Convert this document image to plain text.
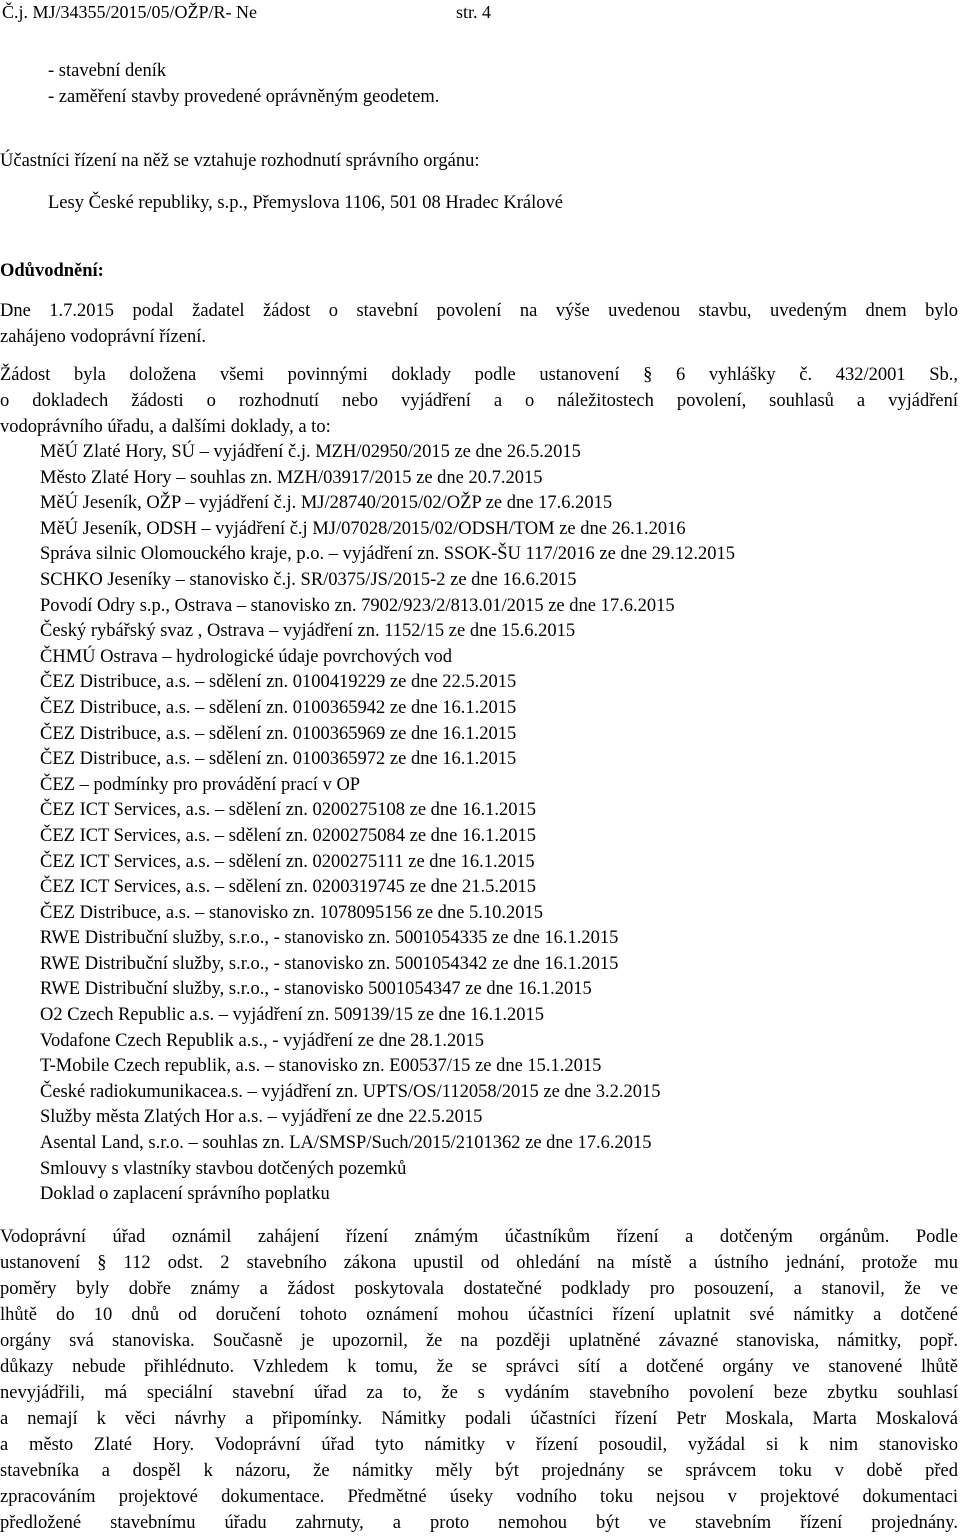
Č.j. MJ/34355/2015/05/OŽP/R- Ne	str. 4
- stavební deník
- zaměření stavby provedené oprávněným geodetem.
Účastníci řízení na něž se vztahuje rozhodnutí správního orgánu:
Lesy České republiky, s.p., Přemyslova 1106, 501 08 Hradec Králové
Odůvodnění:
Dne 1.7.2015 podal žadatel žádost o stavební povolení na výše uvedenou stavbu, uvedeným dnem bylo
zahájeno vodoprávní řízení.
Žádost byla doložena všemi povinnými doklady podle ustanovení § 6 vyhlášky č. 432/2001 Sb.,
o dokladech žádosti o rozhodnutí nebo vyjádření a o náležitostech povolení, souhlasů a vyjádření
vodoprávního úřadu, a dalšími doklady, a to:
MěÚ Zlaté Hory, SÚ – vyjádření č.j. MZH/02950/2015 ze dne 26.5.2015
Město Zlaté Hory – souhlas zn. MZH/03917/2015 ze dne 20.7.2015
MěÚ Jeseník, OŽP – vyjádření č.j. MJ/28740/2015/02/OŽP ze dne 17.6.2015
MěÚ Jeseník, ODSH – vyjádření č.j MJ/07028/2015/02/ODSH/TOM ze dne 26.1.2016
Správa silnic Olomouckého kraje, p.o. – vyjádření zn. SSOK-ŠU 117/2016 ze dne 29.12.2015
SCHKO Jeseníky – stanovisko č.j. SR/0375/JS/2015-2 ze dne 16.6.2015
Povodí Odry s.p., Ostrava – stanovisko zn. 7902/923/2/813.01/2015 ze dne 17.6.2015
Český rybářský svaz , Ostrava – vyjádření zn. 1152/15 ze dne 15.6.2015
ČHMÚ Ostrava – hydrologické údaje povrchových vod
ČEZ Distribuce, a.s. – sdělení zn. 0100419229 ze dne 22.5.2015
ČEZ Distribuce, a.s. – sdělení zn. 0100365942 ze dne 16.1.2015
ČEZ Distribuce, a.s. – sdělení zn. 0100365969 ze dne 16.1.2015
ČEZ Distribuce, a.s. – sdělení zn. 0100365972 ze dne 16.1.2015
ČEZ – podmínky pro provádění prací v OP
ČEZ ICT Services, a.s. – sdělení zn. 0200275108 ze dne 16.1.2015
ČEZ ICT Services, a.s. – sdělení zn. 0200275084 ze dne 16.1.2015
ČEZ ICT Services, a.s. – sdělení zn. 0200275111 ze dne 16.1.2015
ČEZ ICT Services, a.s. – sdělení zn. 0200319745 ze dne 21.5.2015
ČEZ Distribuce, a.s. – stanovisko zn. 1078095156 ze dne 5.10.2015
RWE Distribuční služby, s.r.o., - stanovisko zn. 5001054335 ze dne 16.1.2015
RWE Distribuční služby, s.r.o., - stanovisko zn. 5001054342 ze dne 16.1.2015
RWE Distribuční služby, s.r.o., - stanovisko 5001054347 ze dne 16.1.2015
O2 Czech Republic a.s. – vyjádření zn. 509139/15 ze dne 16.1.2015
Vodafone Czech Republik a.s., - vyjádření ze dne 28.1.2015
T-Mobile Czech republik, a.s. – stanovisko zn. E00537/15 ze dne 15.1.2015
České radiokumunikacea.s. – vyjádření zn. UPTS/OS/112058/2015 ze dne 3.2.2015
Služby města Zlatých Hor a.s. – vyjádření ze dne 22.5.2015
Asental Land, s.r.o. – souhlas zn. LA/SMSP/Such/2015/2101362 ze dne 17.6.2015
Smlouvy s vlastníky stavbou dotčených pozemků
Doklad o zaplacení správního poplatku
Vodoprávní úřad oznámil zahájení řízení známým účastníkům řízení a dotčeným orgánům. Podle
ustanovení § 112 odst. 2 stavebního zákona upustil od ohledání na místě a ústního jednání, protože mu
poměry byly dobře známy a žádost poskytovala dostatečné podklady pro posouzení, a stanovil, že ve
lhůtě do 10 dnů od doručení tohoto oznámení mohou účastníci řízení uplatnit své námitky a dotčené
orgány svá stanoviska. Současně je upozornil, že na později uplatněné závazné stanoviska, námitky, popř.
důkazy nebude přihlédnuto. Vzhledem k tomu, že se správci sítí a dotčené orgány ve stanovené lhůtě
nevyjádřili, má speciální stavební úřad za to, že s vydáním stavebního povolení beze zbytku souhlasí
a nemají k věci návrhy a připomínky. Námitky podali účastníci řízení Petr Moskala, Marta Moskalová
a město Zlaté Hory. Vodoprávní úřad tyto námitky v řízení posoudil, vyžádal si k nim stanovisko
stavebníka a dospěl k názoru, že námitky měly být projednány se správcem toku v době před
zpracováním projektové dokumentace. Předmětné úseky vodního toku nejsou v projektové dokumentaci
předložené stavebnímu úřadu zahrnuty, a proto nemohou být ve stavebním řízení projednány.
